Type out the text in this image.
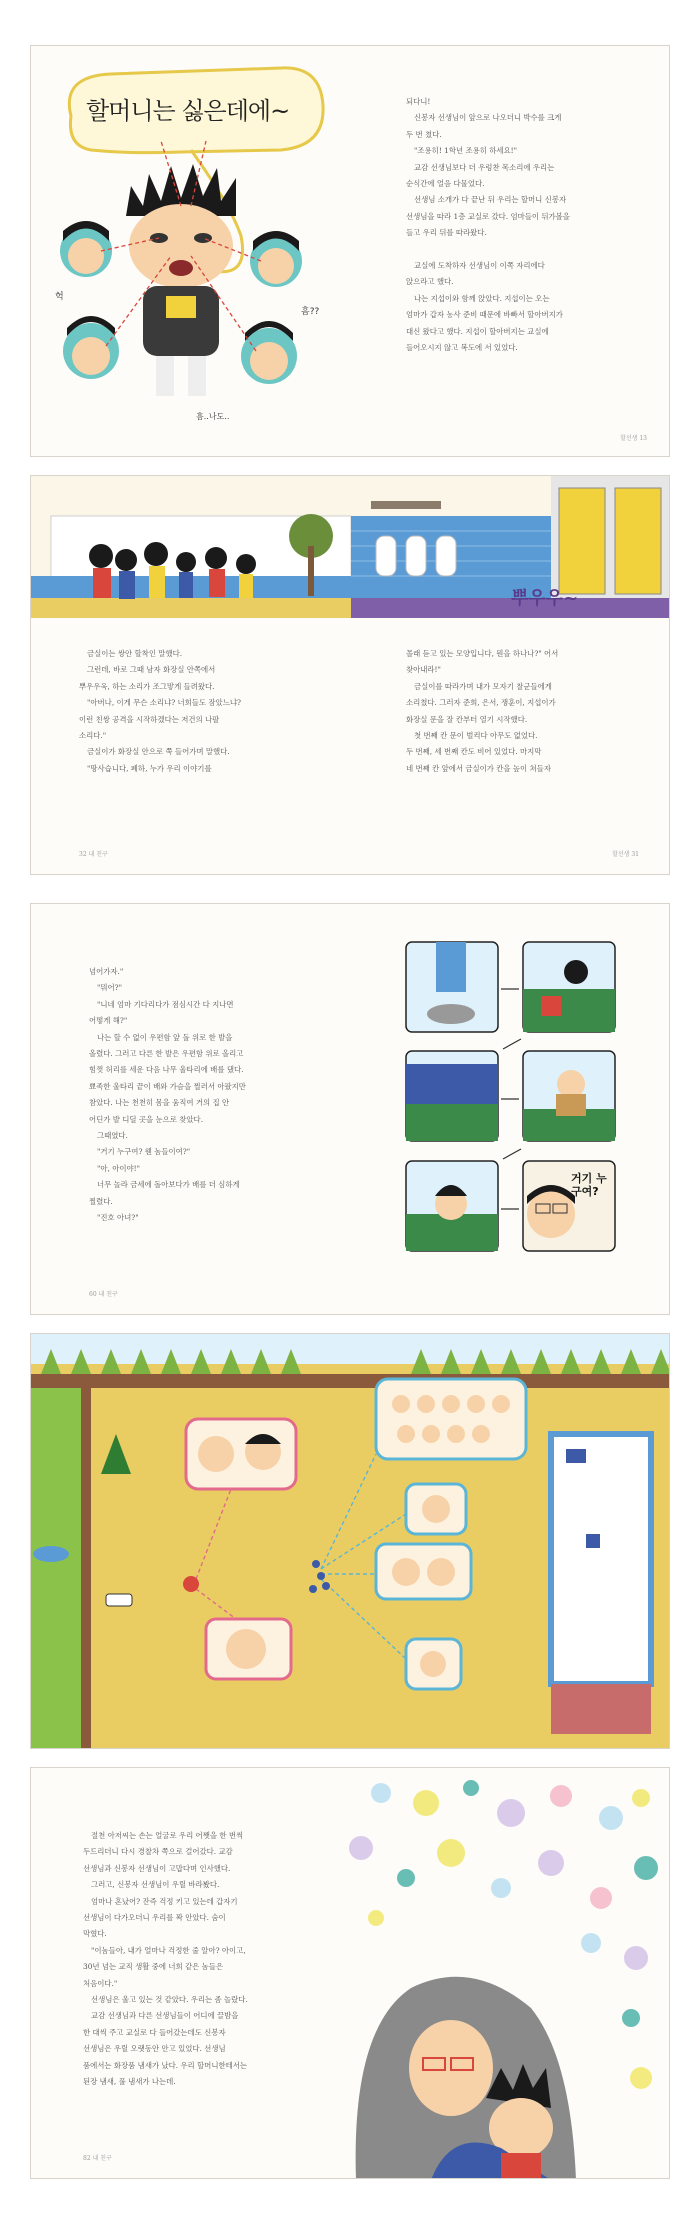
할머니는 싫은데에~
헉
흠??
흠..나도..

되다니!

신봉자 선생님이 앞으로 나오더니 박수를 크게

두 번 쳤다.

"조용히! 1학년 조용히 하세요!"

교감 선생님보다 더 우렁찬 목소리에 우리는

순식간에 얼음 다물었다.

선생님 소개가 다 끝난 뒤 우리는 할머니 신봉자

선생님을 따라 1층 교실로 갔다. 엄마들이 뒤가볼을

들고 우리 뒤를 따라왔다.

교실에 도착하자 선생님이 이쪽 자리에다

앉으라고 했다.

나는 지섭이와 함께 앉았다. 지섭이는 오는

엄마가 갑자 농사 준비 때문에 바빠서 할아버지가

대신 왔다고 했다. 지섭이 할아버지는 교실에

들어오시지 않고 복도에 서 있었다.

할선생 13
뿌우우~

금실이는 쌍안 할착인 말했다.

그런데, 바로 그때 남자 화장실 안쪽에서

뿌우우욱, 하는 소리가 조그맣게 들려왔다.

"아버나, 이게 무슨 소리냐? 너희들도 잠았느냐?

이런 친쌍 공격을 시작하겠다는 저건의 나팔

소리다."

금실이가 화장실 안으로 쭉 들어가며 말했다.

"땅사습니다, 폐하, 누가 우리 이야기를

몰래 듣고 있는 모양입니다, 뭔을 하나나?" 어서

찾아내라!"

금실이를 따라가며 내가 모자기 찰군들에게

소리쳤다. 그러자 준희, 은서, 쟁훈이, 지섭이가

화장실 문을 잘 칸부터 열기 시작했다.

첫 번째 칸 문이 벌컥다 아무도 없었다.

두 번째, 세 번째 칸도 비어 있었다. 마지막

네 번째 칸 앞에서 금실이가 칸을 높이 쳐들자

32 내 친구	할선생 31

넘어가자."

"뭐어?"

"니네 엄마 기다리다가 점심시간 다 지나면

어떻게 해?"

나는 할 수 없이 우편함 앞 돌 위로 한 발을

올렸다. 그러고 다른 한 발은 우편함 위로 올리고

힘껏 허리를 세운 다음 나무 울타리에 배를 댔다.

뾰족한 울타리 끝이 배와 가슴을 찔러서 아팠지만

참았다. 나는 천천히 몸을 움직여 거의 집 안

어딘가 발 디딜 곳을 눈으로 찾았다.

그때였다.

"거기 누구여? 웬 놈들이여?"

"아, 아이야!"

너무 놀라 금세에 돌아보다가 배를 더 심하게

찔렸다.

"진호 아녀?"

거기 누구여?
60 내 친구

절천 아저씨는 손는 얼굴로 우리 어쨋을 한 번씩

두드리더니 다시 경찰차 쪽으로 걸어갔다. 교감

선생님과 신봉자 선생님이 고맙다며 인사했다.

그러고, 신봉자 선생님이 우릴 바라봤다.

엄마나 혼났어? 잔즉 걱정 키고 있는데 갑자기

선생님이 다가오더니 우리를 꽉 안았다. 숨이

막혔다.

"이놈들아, 내가 얼마나 걱정한 줄 알아? 아이고,

30년 넘는 교직 생활 중에 너희 같은 놈들은

처음이다."

선생님은 울고 있는 것 같았다. 우리는 좀 놀랐다.

교감 선생님과 다른 선생님들이 어디에 끌밤을

한 대씩 주고 교실로 다 들어갔는데도 신봉자

선생님은 우릴 오랫동안 안고 있었다. 선생님

품에서는 화장품 냄새가 났다. 우리 할머니한테서는

된장 냄새, 풀 냄새가 나는데.

82 내 친구
